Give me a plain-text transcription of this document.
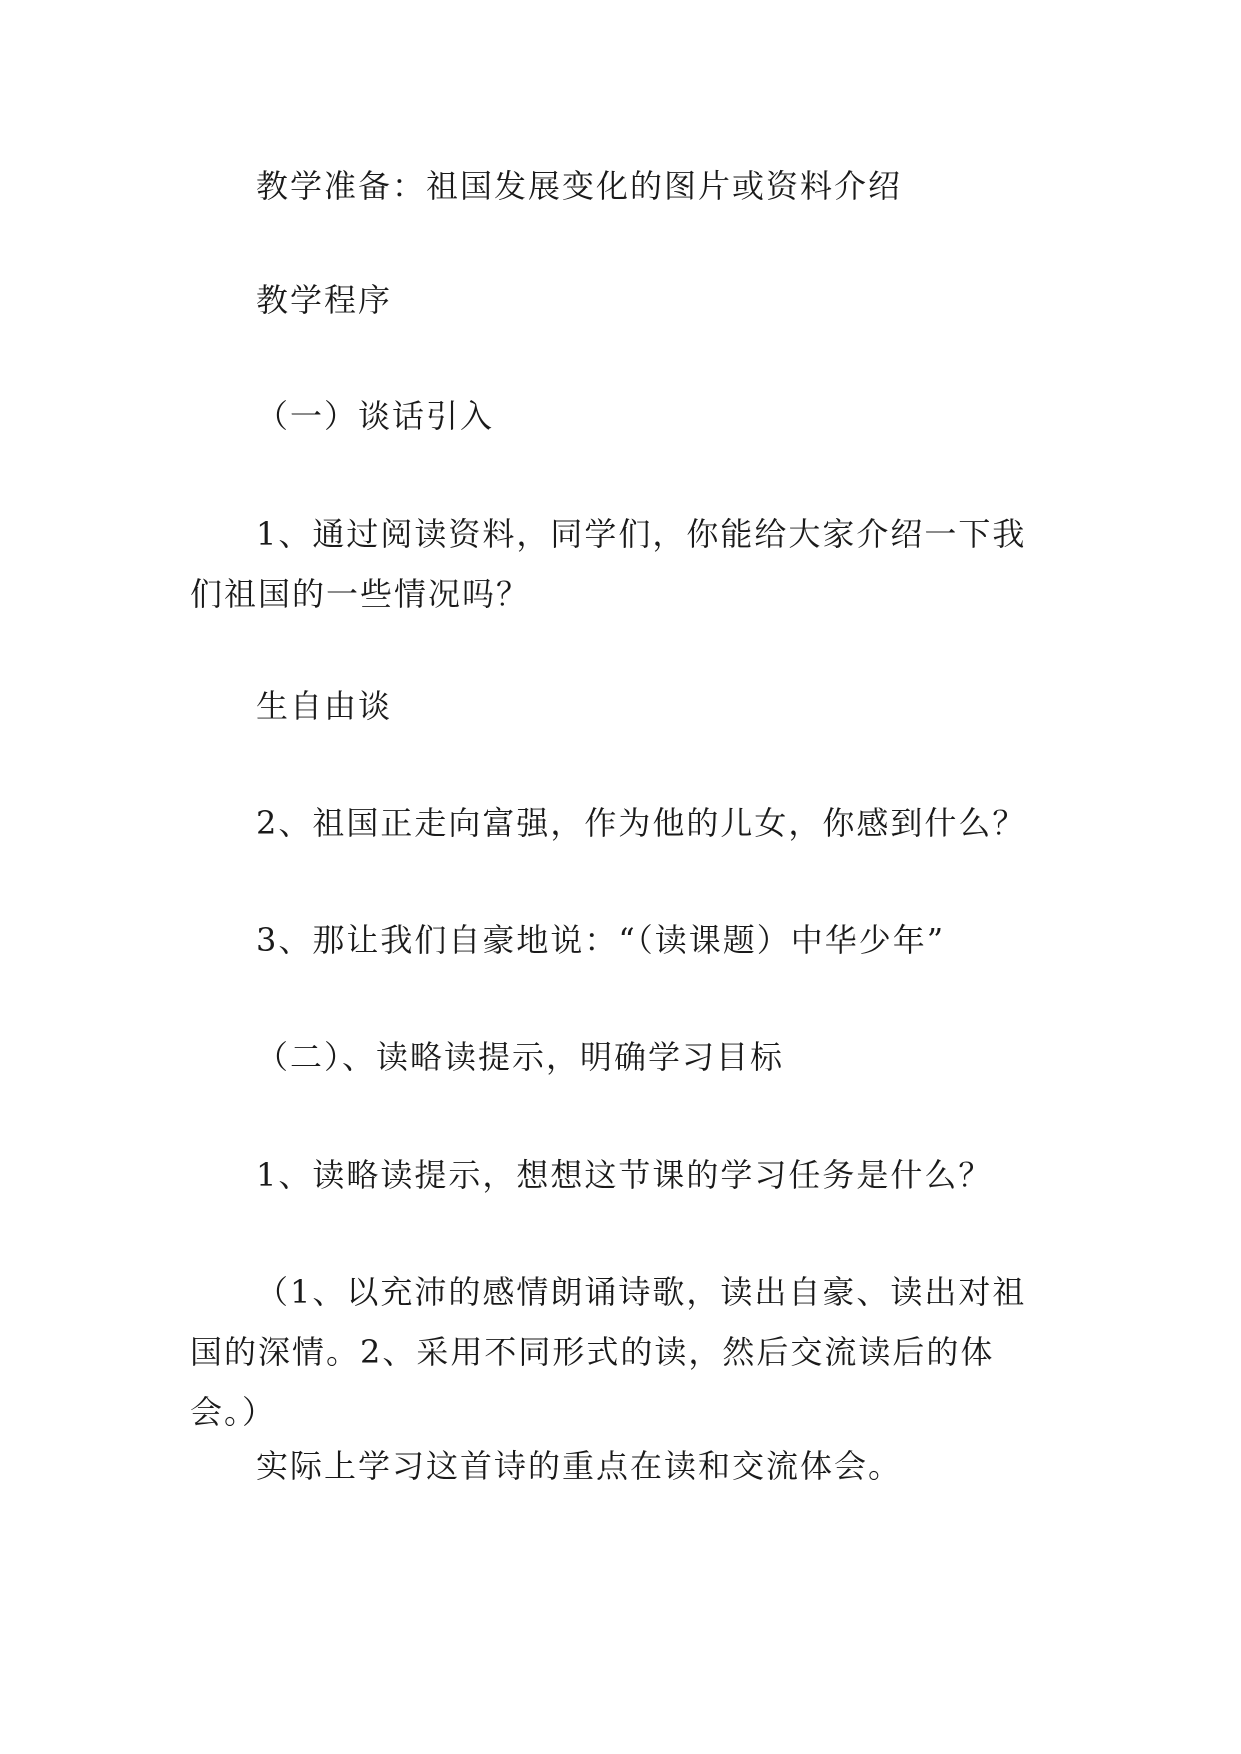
教学准备：祖国发展变化的图片或资料介绍

教学程序

（一）谈话引入

1、通过阅读资料，同学们，你能给大家介绍一下我们祖国的一些情况吗？

生自由谈

2、祖国正走向富强，作为他的儿女，你感到什么？

3、那让我们自豪地说：“（读课题）中华少年”

（二）、读略读提示，明确学习目标

1、读略读提示，想想这节课的学习任务是什么？

（1、以充沛的感情朗诵诗歌，读出自豪、读出对祖国的深情。2、采用不同形式的读，然后交流读后的体会。）

实际上学习这首诗的重点在读和交流体会。
